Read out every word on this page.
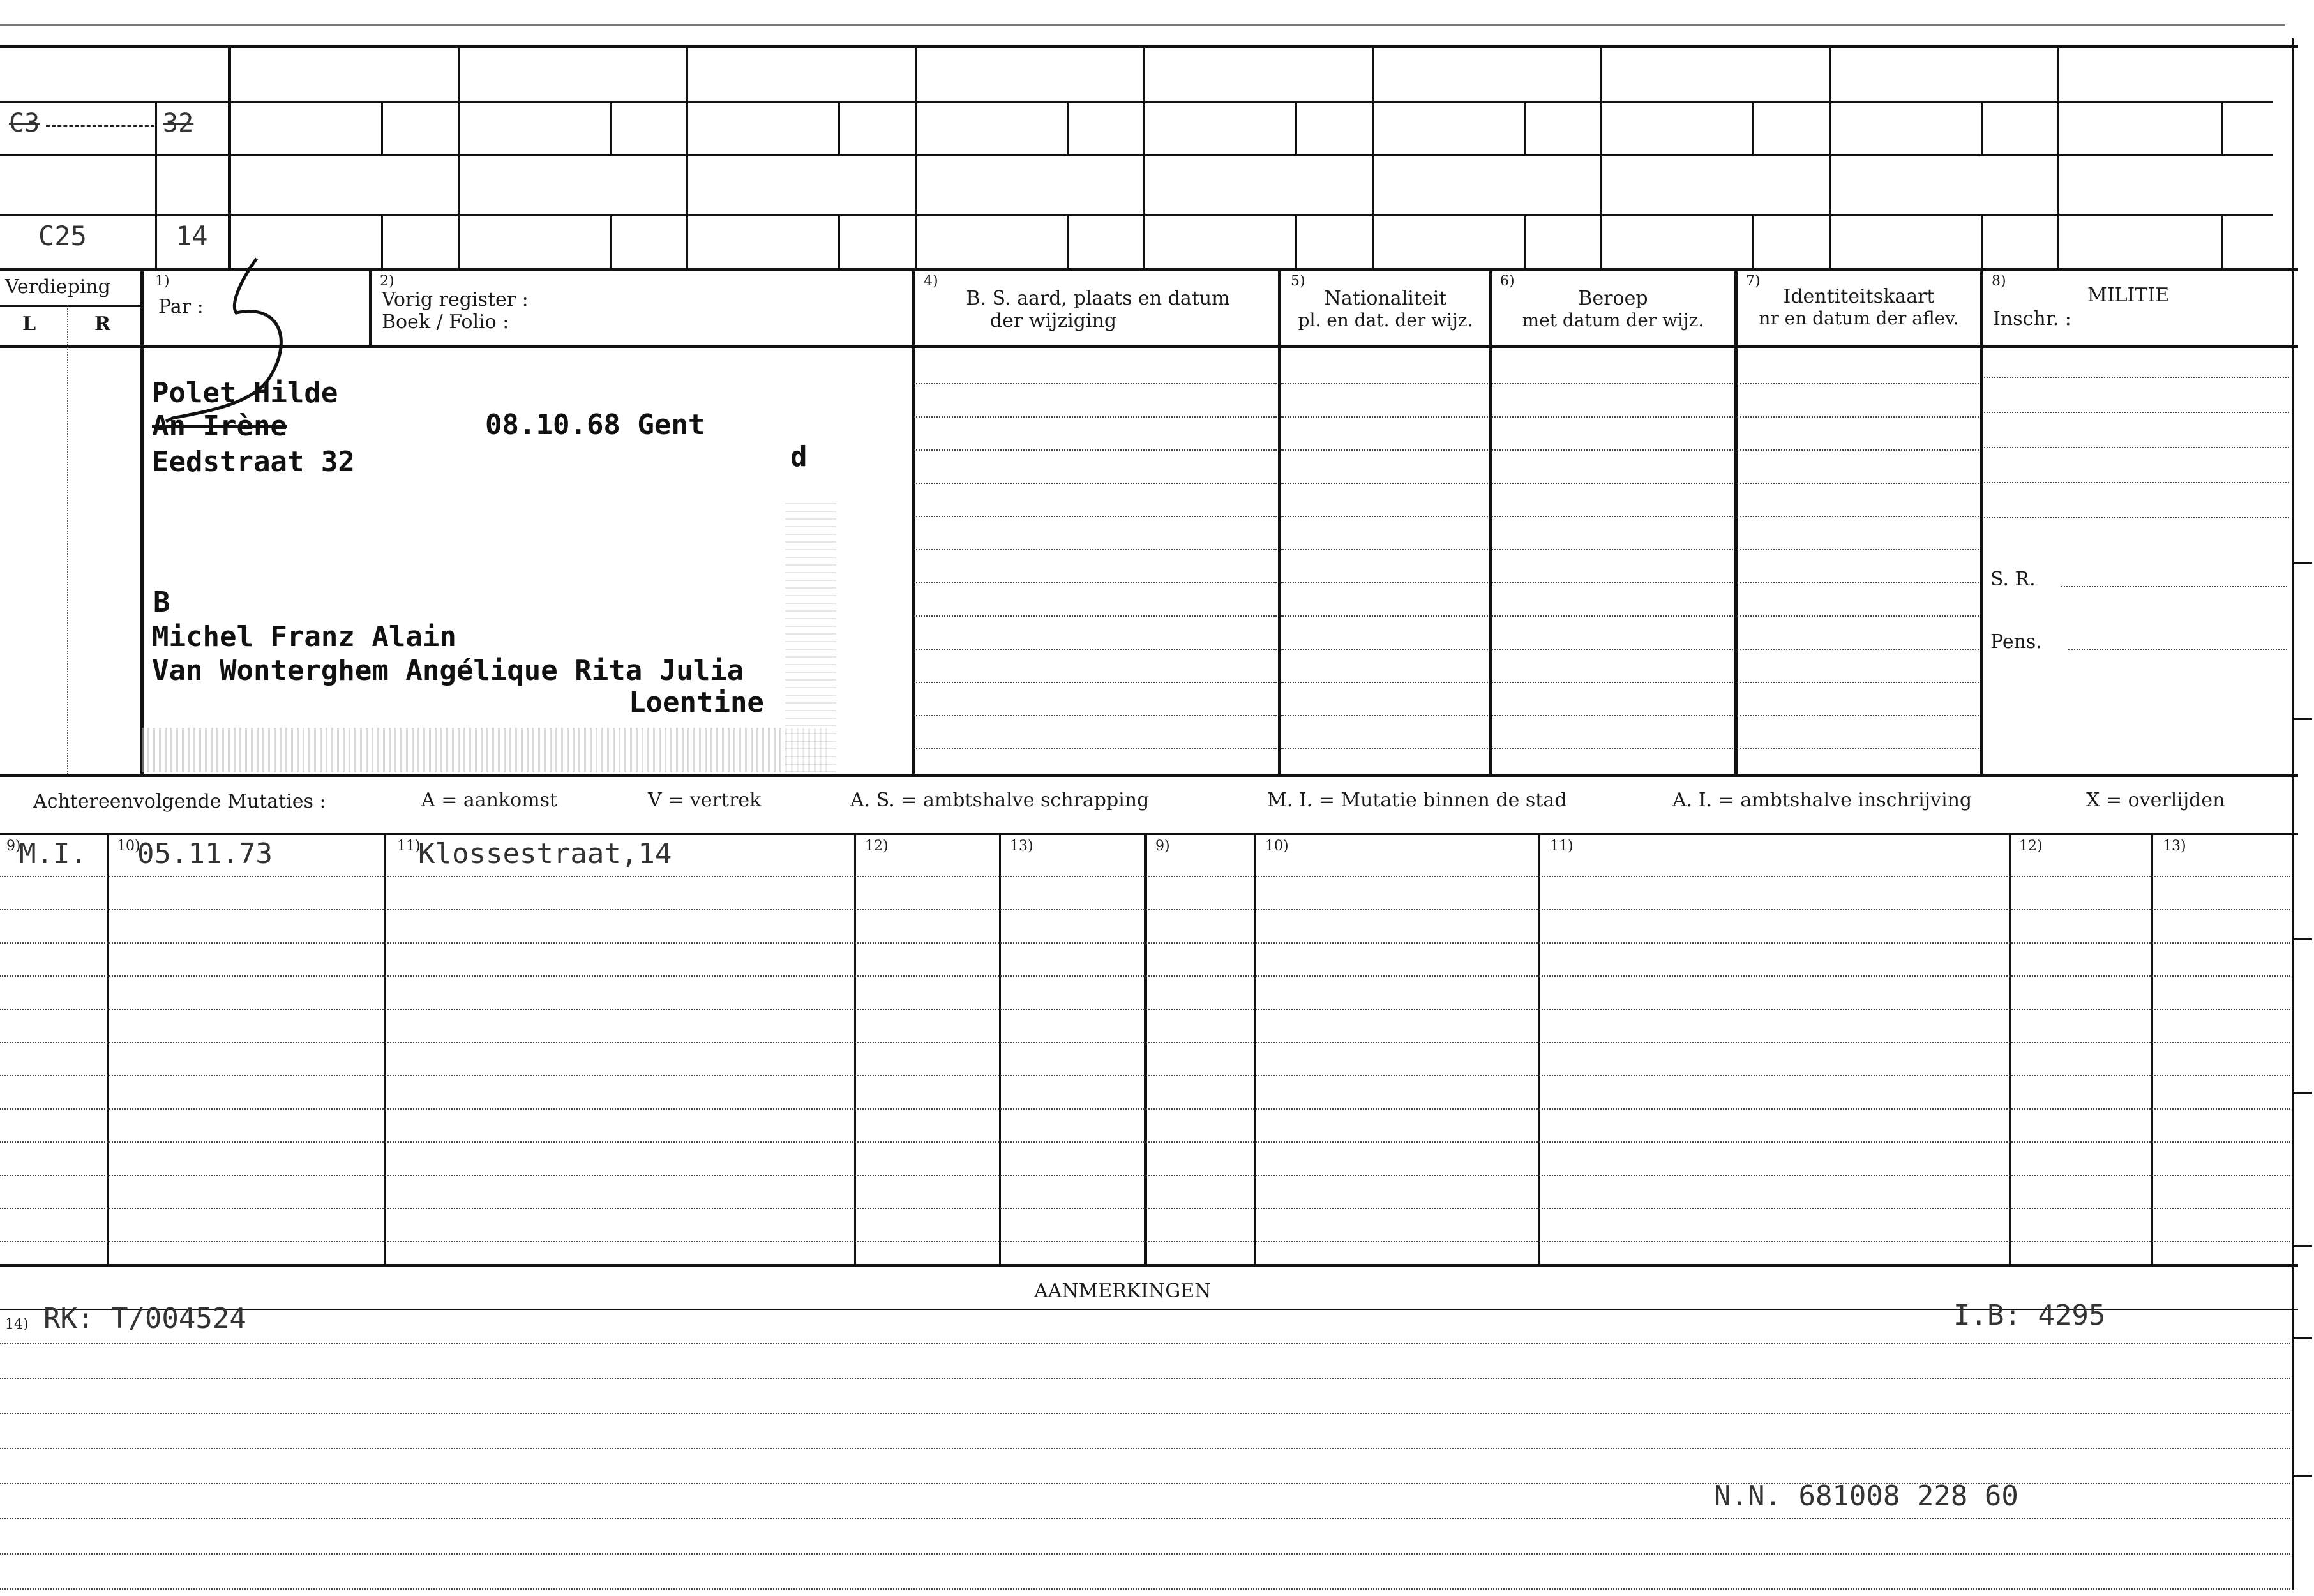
C3	32
C25	14
Verdieping
L	R
1)
Par :
2)
Vorig register :
Boek / Folio :
4)
B. S. aard, plaats en datum
der wijziging
5)
Nationaliteit
pl. en dat. der wijz.
6)
Beroep
met datum der wijz.
7)
Identiteitskaart
nr en datum der aflev.
8)
MILITIE
Inschr. :
S. R.
Pens.
Polet Hilde
An Irène	08.10.68 Gent
Eedstraat 32	d
B
Michel Franz Alain
Van Wonterghem Angélique Rita Julia
Loentine
Achtereenvolgende Mutaties :	A = aankomst	V = vertrek	A. S. = ambtshalve schrapping	M. I. = Mutatie binnen de stad	A. I. = ambtshalve inschrijving	X = overlijden
9)	10)	11)	12)	13)	9)	10)	11)	12)	13)
M.I. 05.11.73	Klossestraat,14
AANMERKINGEN
14) RK: T/004524	I.B: 4295
N.N. 681008 228 60
